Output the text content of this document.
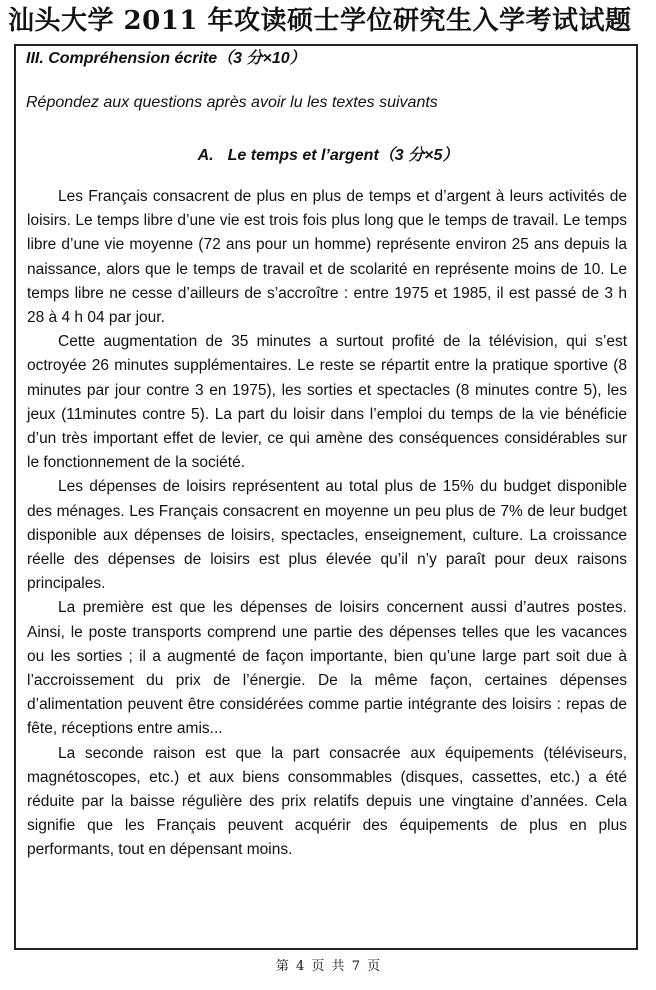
汕头大学 2011 年攻读硕士学位研究生入学考试试题
III. Compréhension écrite（3 分×10）
Répondez aux questions après avoir lu les textes suivants
A. Le temps et l’argent（3 分×5）

Les Français consacrent de plus en plus de temps et d’argent à leurs activités de loisirs. Le temps libre d’une vie est trois fois plus long que le temps de travail. Le temps libre d’une vie moyenne (72 ans pour un homme) représente environ 25 ans depuis la naissance, alors que le temps de travail et de scolarité en représente moins de 10. Le temps libre ne cesse d’ailleurs de s’accroître : entre 1975 et 1985, il est passé de 3 h 28 à 4 h 04 par jour.

Cette augmentation de 35 minutes a surtout profité de la télévision, qui s’est octroyée 26 minutes supplémentaires. Le reste se répartit entre la pratique sportive (8 minutes par jour contre 3 en 1975), les sorties et spectacles (8 minutes contre 5), les jeux (11minutes contre 5). La part du loisir dans l’emploi du temps de la vie bénéficie d’un très important effet de levier, ce qui amène des conséquences considérables sur le fonctionnement de la société.

Les dépenses de loisirs représentent au total plus de 15% du budget disponible des ménages. Les Français consacrent en moyenne un peu plus de 7% de leur budget disponible aux dépenses de loisirs, spectacles, enseignement, culture. La croissance réelle des dépenses de loisirs est plus élevée qu’il n’y paraît pour deux raisons principales.

La première est que les dépenses de loisirs concernent aussi d’autres postes. Ainsi, le poste transports comprend une partie des dépenses telles que les vacances ou les sorties ; il a augmenté de façon importante, bien qu’une large part soit due à l’accroissement du prix de l’énergie. De la même façon, certaines dépenses d’alimentation peuvent être considérées comme partie intégrante des loisirs : repas de fête, réceptions entre amis...

La seconde raison est que la part consacrée aux équipements (téléviseurs, magnétoscopes, etc.) et aux biens consommables (disques, cassettes, etc.) a été réduite par la baisse régulière des prix relatifs depuis une vingtaine d’années. Cela signifie que les Français peuvent acquérir des équipements de plus en plus performants, tout en dépensant moins.

第 4 页 共 7 页
